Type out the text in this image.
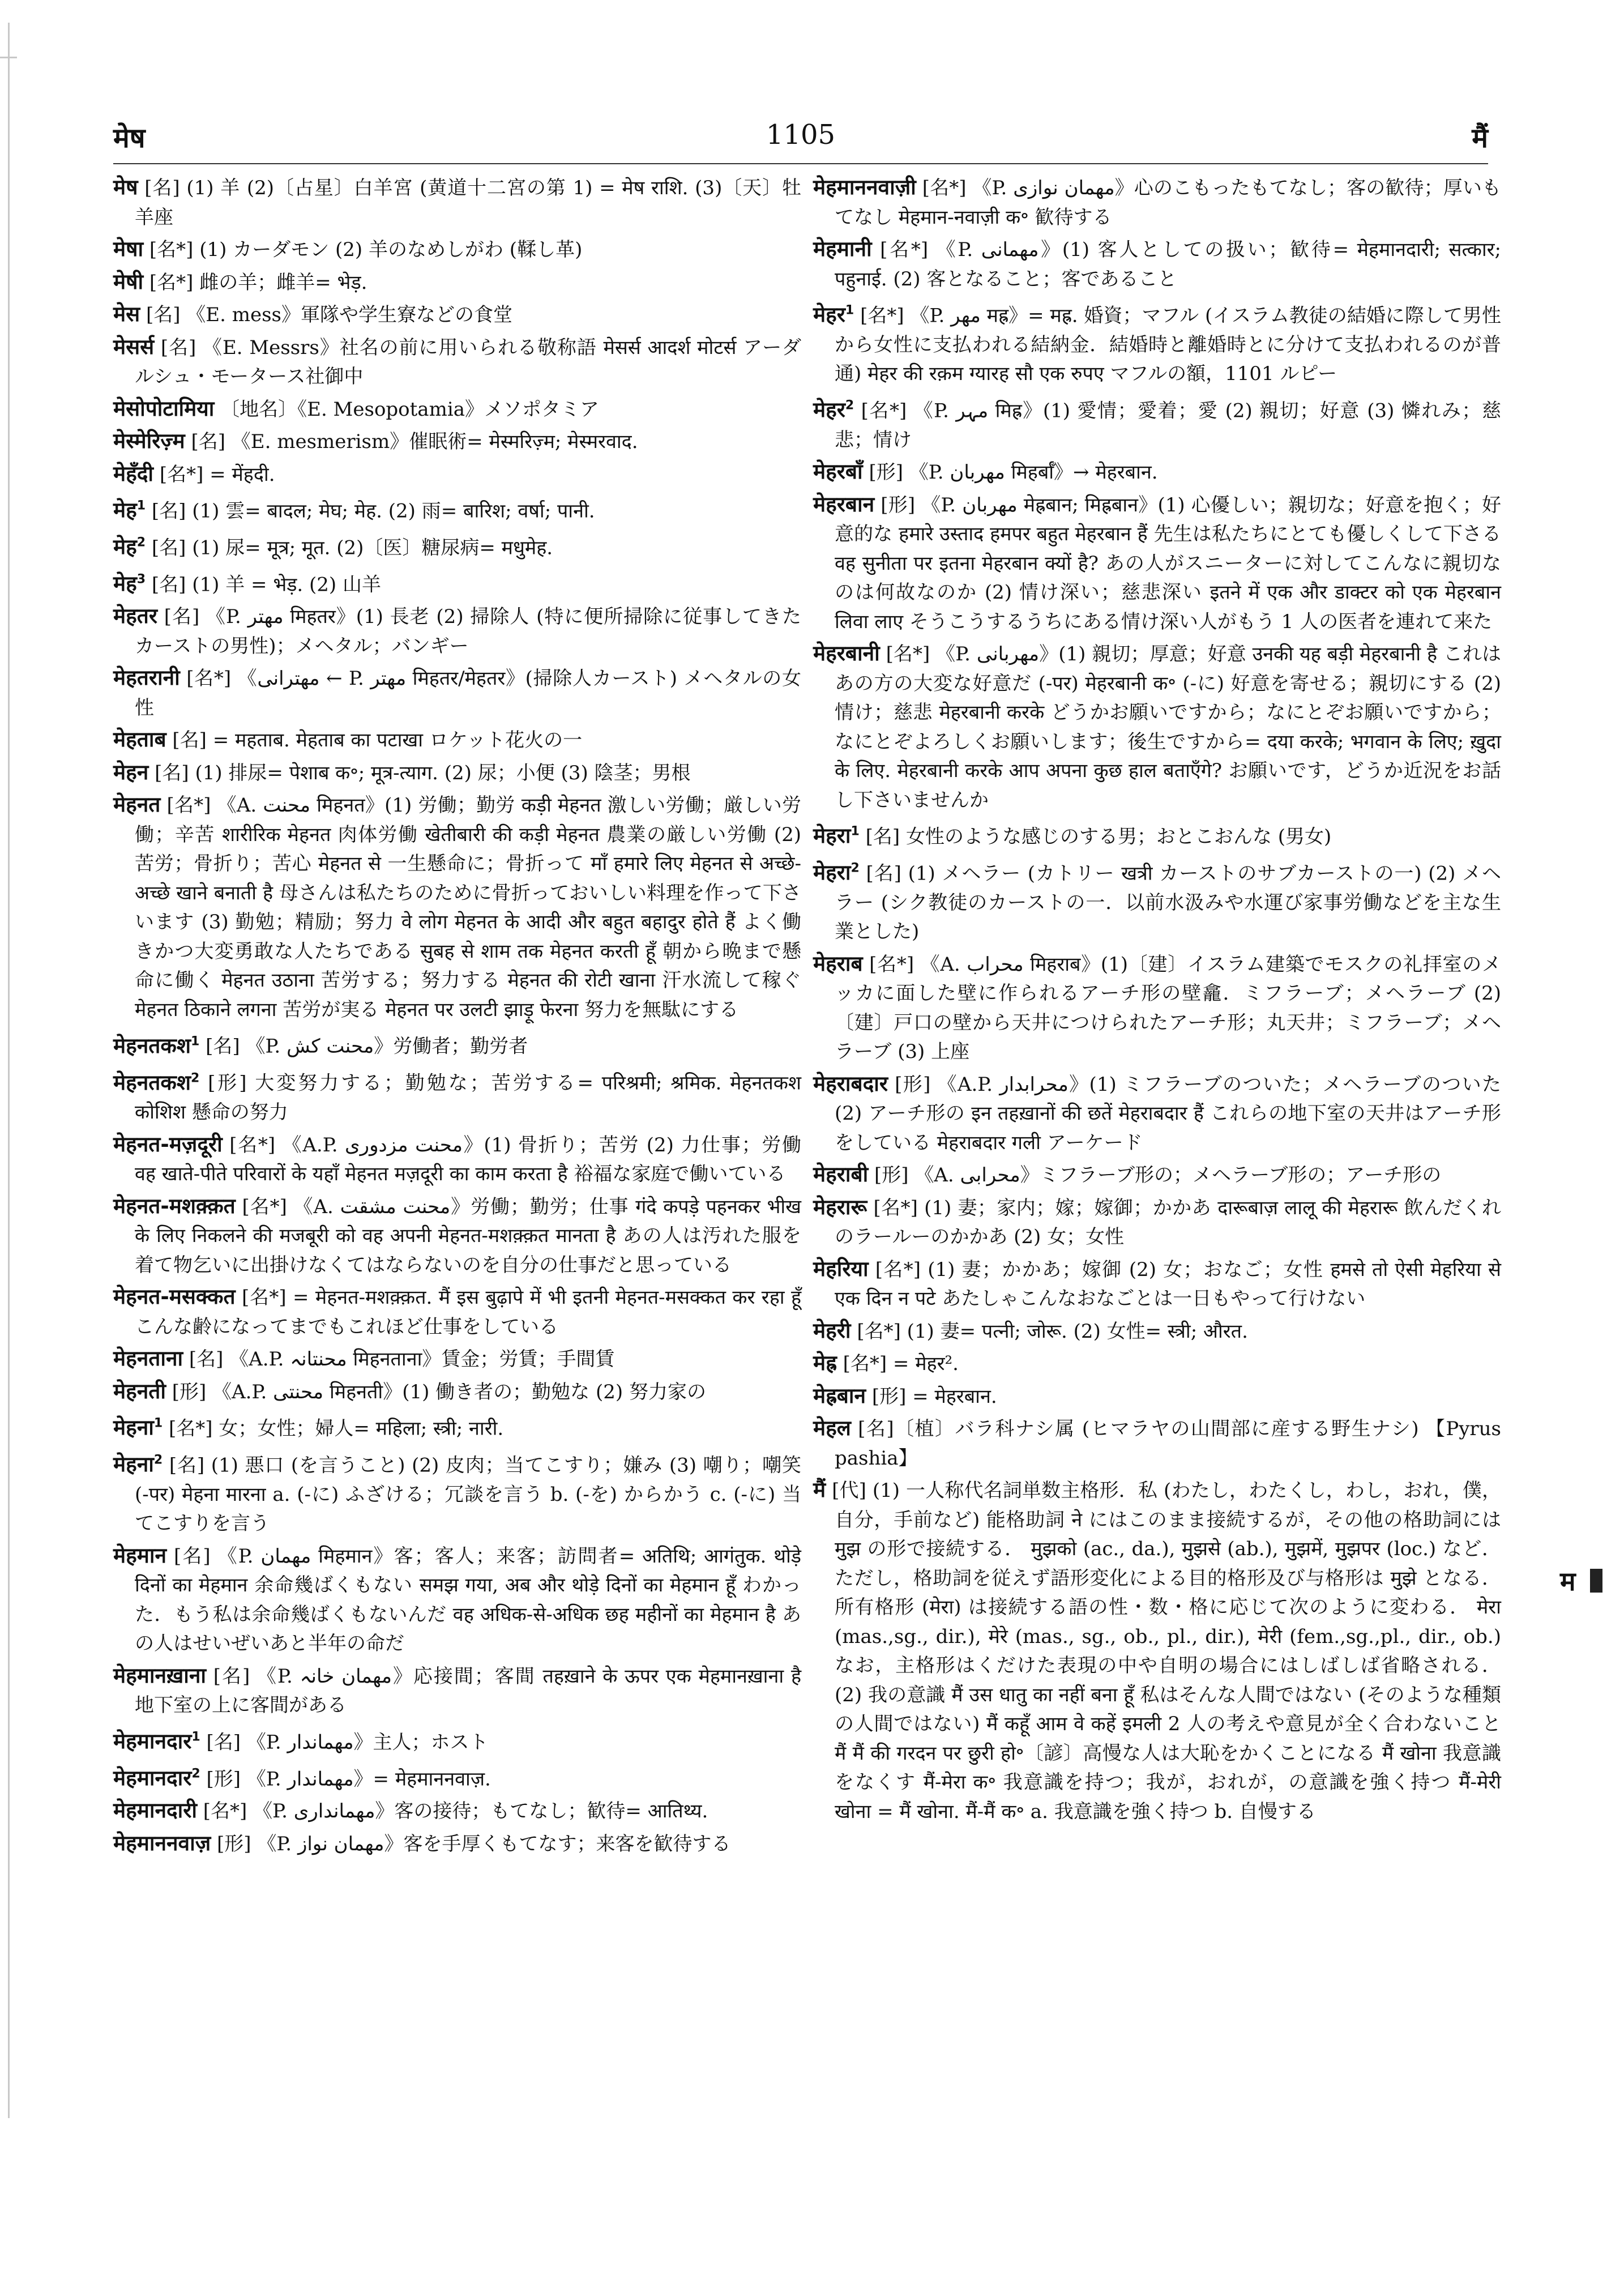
मेष	1105	मैं

मेष [名] (1) 羊 (2)〔占星〕白羊宮 (黄道十二宮の第 1) = मेष राशि. (3)〔天〕牡羊座

मेषा [名*] (1) カーダモン (2) 羊のなめしがわ (鞣し革)

मेषी [名*] 雌の羊；雌羊= भेड़.

मेस [名] 《E. mess》軍隊や学生寮などの食堂

मेसर्स [名] 《E. Messrs》社名の前に用いられる敬称語 मेसर्स आदर्श मोटर्स アーダルシュ・モータース社御中

मेसोपोटामिया 〔地名〕《E. Mesopotamia》メソポタミア

मेस्मेरिज़्म [名] 《E. mesmerism》催眠術= मेस्मरिज़्म; मेस्मरवाद.

मेहँदी [名*] = मेंहदी.

मेह$^1$ [名] (1) 雲= बादल; मेघ; मेह. (2) 雨= बारिश; वर्षा; पानी.

मेह$^2$ [名] (1) 尿= मूत्र; मूत. (2)〔医〕糖尿病= मधुमेह.

मेह$^3$ [名] (1) 羊 = भेड़. (2) 山羊

मेहतर [名] 《P. مهتر मिहतर》(1) 長老 (2) 掃除人 (特に便所掃除に従事してきたカーストの男性)；メヘタル；バンギー

मेहतरानी [名*] 《مهترانی ← P. مهتر मिहतर/मेहतर》(掃除人カースト) メヘタルの女性

मेहताब [名] = महताब. मेहताब का पटाखा ロケット花火の一

मेहन [名] (1) 排尿= पेशाब क॰; मूत्र-त्याग. (2) 尿；小便 (3) 陰茎；男根

मेहनत [名*] 《A. محنت मिहनत》(1) 労働；勤労 कड़ी मेहनत 激しい労働；厳しい労働；辛苦 शारीरिक मेहनत 肉体労働 खेतीबारी की कड़ी मेहनत 農業の厳しい労働 (2) 苦労；骨折り；苦心 मेहनत से 一生懸命に；骨折って माँ हमारे लिए मेहनत से अच्छे-अच्छे खाने बनाती है 母さんは私たちのために骨折っておいしい料理を作って下さいます (3) 勤勉；精励；努力 वे लोग मेहनत के आदी और बहुत बहादुर होते हैं よく働きかつ大変勇敢な人たちである सुबह से शाम तक मेहनत करती हूँ 朝から晩まで懸命に働く मेहनत उठाना 苦労する；努力する मेहनत की रोटी खाना 汗水流して稼ぐ मेहनत ठिकाने लगना 苦労が実る मेहनत पर उलटी झाड़ू फेरना 努力を無駄にする

मेहनतकश$^1$ [名] 《P. محنت کش》労働者；勤労者

मेहनतकश$^2$ [形] 大変努力する；勤勉な；苦労する= परिश्रमी; श्रमिक. मेहनतकश कोशिश 懸命の努力

मेहनत-मज़दूरी [名*] 《A.P. محنت مزدوری》(1) 骨折り；苦労 (2) 力仕事；労働 वह खाते-पीते परिवारों के यहाँ मेहनत मज़दूरी का काम करता है 裕福な家庭で働いている

मेहनत-मशक़्क़त [名*] 《A. محنت مشقت》労働；勤労；仕事 गंदे कपड़े पहनकर भीख के लिए निकलने की मजबूरी को वह अपनी मेहनत-मशक़्क़त मानता है あの人は汚れた服を着て物乞いに出掛けなくてはならないのを自分の仕事だと思っている

मेहनत-मसक्कत [名*] = मेहनत-मशक़्क़त. मैं इस बुढ़ापे में भी इतनी मेहनत-मसक्कत कर रहा हूँ こんな齢になってまでもこれほど仕事をしている

मेहनताना [名] 《A.P. محنتانہ मिहनताना》賃金；労賃；手間賃

मेहनती [形] 《A.P. محنتی मिहनती》(1) 働き者の；勤勉な (2) 努力家の

मेहना$^1$ [名*] 女；女性；婦人= महिला; स्त्री; नारी.

मेहना$^2$ [名] (1) 悪口 (を言うこと) (2) 皮肉；当てこすり；嫌み (3) 嘲り；嘲笑 (-पर) मेहना मारना a. (-に) ふざける；冗談を言う b. (-を) からかう c. (-に) 当てこすりを言う

मेहमान [名] 《P. مهمان मिहमान》客；客人；来客；訪問者= अतिथि; आगंतुक. थोड़े दिनों का मेहमान 余命幾ばくもない समझ गया, अब और थोड़े दिनों का मेहमान हूँ わかった．もう私は余命幾ばくもないんだ वह अधिक-से-अधिक छह महीनों का मेहमान है あの人はせいぜいあと半年の命だ

मेहमानख़ाना [名] 《P. مهمان خانہ》応接間；客間 तहख़ाने के ऊपर एक मेहमानख़ाना है 地下室の上に客間がある

मेहमानदार$^1$ [名] 《P. مهماندار》主人；ホスト

मेहमानदार$^2$ [形] 《P. مهماندار》= मेहमाननवाज़.

मेहमानदारी [名*] 《P. مهمانداری》客の接待；もてなし；歓待= आतिथ्य.

मेहमाननवाज़ [形] 《P. مهمان نواز》客を手厚くもてなす；来客を歓待する

मेहमाननवाज़ी [名*] 《P. مهمان نوازی》心のこもったもてなし；客の歓待；厚いもてなし मेहमान-नवाज़ी क॰ 歓待する

मेहमानी [名*] 《P. مهمانی》(1) 客人としての扱い；歓待= मेहमानदारी; सत्कार; पहुनाई. (2) 客となること；客であること

मेहर$^1$ [名*] 《P. مهر मह्र》= मह्र. 婚資；マフル (イスラム教徒の結婚に際して男性から女性に支払われる結納金．結婚時と離婚時とに分けて支払われるのが普通) मेहर की रक़म ग्यारह सौ एक रुपए マフルの額，1101 ルピー

मेहर$^2$ [名*] 《P. مہر मिह्र》(1) 愛情；愛着；愛 (2) 親切；好意 (3) 憐れみ；慈悲；情け

मेहरबाँ [形] 《P. مهربان मिहर्बाँ》→ मेहरबान.

मेहरबान [形] 《P. مهربان मेह्रबान; मिह्रबान》(1) 心優しい；親切な；好意を抱く；好意的な हमारे उस्ताद हमपर बहुत मेहरबान हैं 先生は私たちにとても優しくして下さる वह सुनीता पर इतना मेहरबान क्यों है? あの人がスニーターに対してこんなに親切なのは何故なのか (2) 情け深い；慈悲深い इतने में एक और डाक्टर को एक मेहरबान लिवा लाए そうこうするうちにある情け深い人がもう 1 人の医者を連れて来た

मेहरबानी [名*] 《P. مهربانی》(1) 親切；厚意；好意 उनकी यह बड़ी मेहरबानी है これはあの方の大変な好意だ (-पर) मेहरबानी क॰ (-に) 好意を寄せる；親切にする (2) 情け；慈悲 मेहरबानी करके どうかお願いですから；なにとぞお願いですから；なにとぞよろしくお願いします；後生ですから= दया करके; भगवान के लिए; ख़ुदा के लिए. मेहरबानी करके आप अपना कुछ हाल बताएँगे? お願いです，どうか近況をお話し下さいませんか

मेहरा$^1$ [名] 女性のような感じのする男；おとこおんな (男女)

मेहरा$^2$ [名] (1) メヘラー (カトリー खत्री カーストのサブカーストの一) (2) メヘラー (シク教徒のカーストの一．以前水汲みや水運び家事労働などを主な生業とした)

मेहराब [名*] 《A. محراب मिहराब》(1)〔建〕イスラム建築でモスクの礼拝室のメッカに面した壁に作られるアーチ形の壁龕．ミフラーブ；メヘラーブ (2)〔建〕戸口の壁から天井につけられたアーチ形；丸天井；ミフラーブ；メヘラーブ (3) 上座

मेहराबदार [形] 《A.P. محرابدار》(1) ミフラーブのついた；メヘラーブのついた (2) アーチ形の इन तहख़ानों की छतें मेहराबदार हैं これらの地下室の天井はアーチ形をしている मेहराबदार गली アーケード

मेहराबी [形] 《A. محرابی》ミフラーブ形の；メヘラーブ形の；アーチ形の

मेहरारू [名*] (1) 妻；家内；嫁；嫁御；かかあ दारूबाज़ लालू की मेहरारू 飲んだくれのラールーのかかあ (2) 女；女性

मेहरिया [名*] (1) 妻；かかあ；嫁御 (2) 女；おなご；女性 हमसे तो ऐसी मेहरिया से एक दिन न पटे あたしゃこんなおなごとは一日もやって行けない

मेहरी [名*] (1) 妻= पत्नी; जोरू. (2) 女性= स्त्री; औरत.

मेह्र [名*] = मेहर².

मेह्रबान [形] = मेहरबान.

मेहल [名]〔植〕バラ科ナシ属 (ヒマラヤの山間部に産する野生ナシ) 【Pyrus pashia】

मैं [代] (1) 一人称代名詞単数主格形．私 (わたし，わたくし，わし，おれ，僕，自分，手前など) 能格助詞 ने にはこのまま接続するが，その他の格助詞には मुझ の形で接続する． मुझको (ac., da.), मुझसे (ab.), मुझमें, मुझपर (loc.) など．ただし，格助詞を従えず語形変化による目的格形及び与格形は मुझे となる．所有格形 (मेरा) は接続する語の性・数・格に応じて次のように変わる． मेरा (mas.,sg., dir.), मेरे (mas., sg., ob., pl., dir.), मेरी (fem.,sg.,pl., dir., ob.) なお，主格形はくだけた表現の中や自明の場合にはしばしば省略される． (2) 我の意識 मैं उस धातु का नहीं बना हूँ 私はそんな人間ではない (そのような種類の人間ではない) मैं कहूँ आम वे कहें इमली 2 人の考えや意見が全く合わないこと मैं मैं की गरदन पर छुरी हो॰〔諺〕高慢な人は大恥をかくことになる मैं खोना 我意識をなくす मैं-मेरा क॰ 我意識を持つ；我が，おれが，の意識を強く持つ मैं-मेरी खोना = मैं खोना. मैं-मैं क॰ a. 我意識を強く持つ b. 自慢する

म
